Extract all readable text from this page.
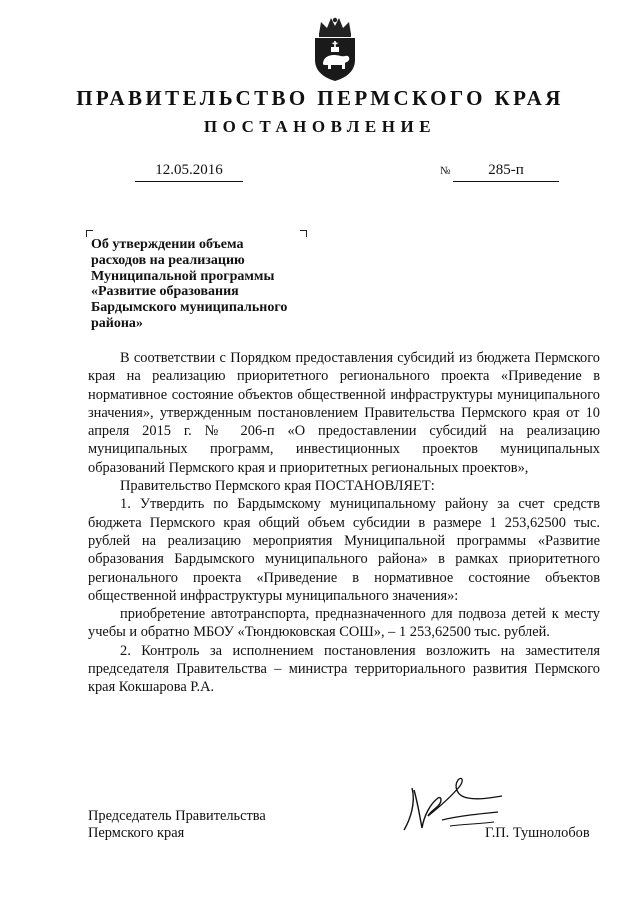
ПРАВИТЕЛЬСТВО ПЕРМСКОГО КРАЯ
ПОСТАНОВЛЕНИЕ
12.05.2016	№	285-п
Об утверждении объема
расходов на реализацию
Муниципальной программы
«Развитие образования
Бардымского муниципального
района»

В соответствии с Порядком предоставления субсидий из бюджета Пермского края на реализацию приоритетного регионального проекта «Приведение в нормативное состояние объектов общественной инфраструктуры муниципального значения», утвержденным постановлением Правительства Пермского края от 10 апреля 2015 г. № 206-п «О предоставлении субсидий на реализацию муниципальных программ, инвестиционных проектов муниципальных образований Пермского края и приоритетных региональных проектов»,

Правительство Пермского края ПОСТАНОВЛЯЕТ:

1. Утвердить по Бардымскому муниципальному району за счет средств бюджета Пермского края общий объем субсидии в размере 1 253,62500 тыс. рублей на реализацию мероприятия Муниципальной программы «Развитие образования Бардымского муниципального района» в рамках приоритетного регионального проекта «Приведение в нормативное состояние объектов общественной инфраструктуры муниципального значения»:

приобретение автотранспорта, предназначенного для подвоза детей к месту учебы и обратно МБОУ «Тюндюковская СОШ», – 1 253,62500 тыс. рублей.

2. Контроль за исполнением постановления возложить на заместителя председателя Правительства – министра территориального развития Пермского края Кокшарова Р.А.

Председатель Правительства
Пермского края	Г.П. Тушнолобов
